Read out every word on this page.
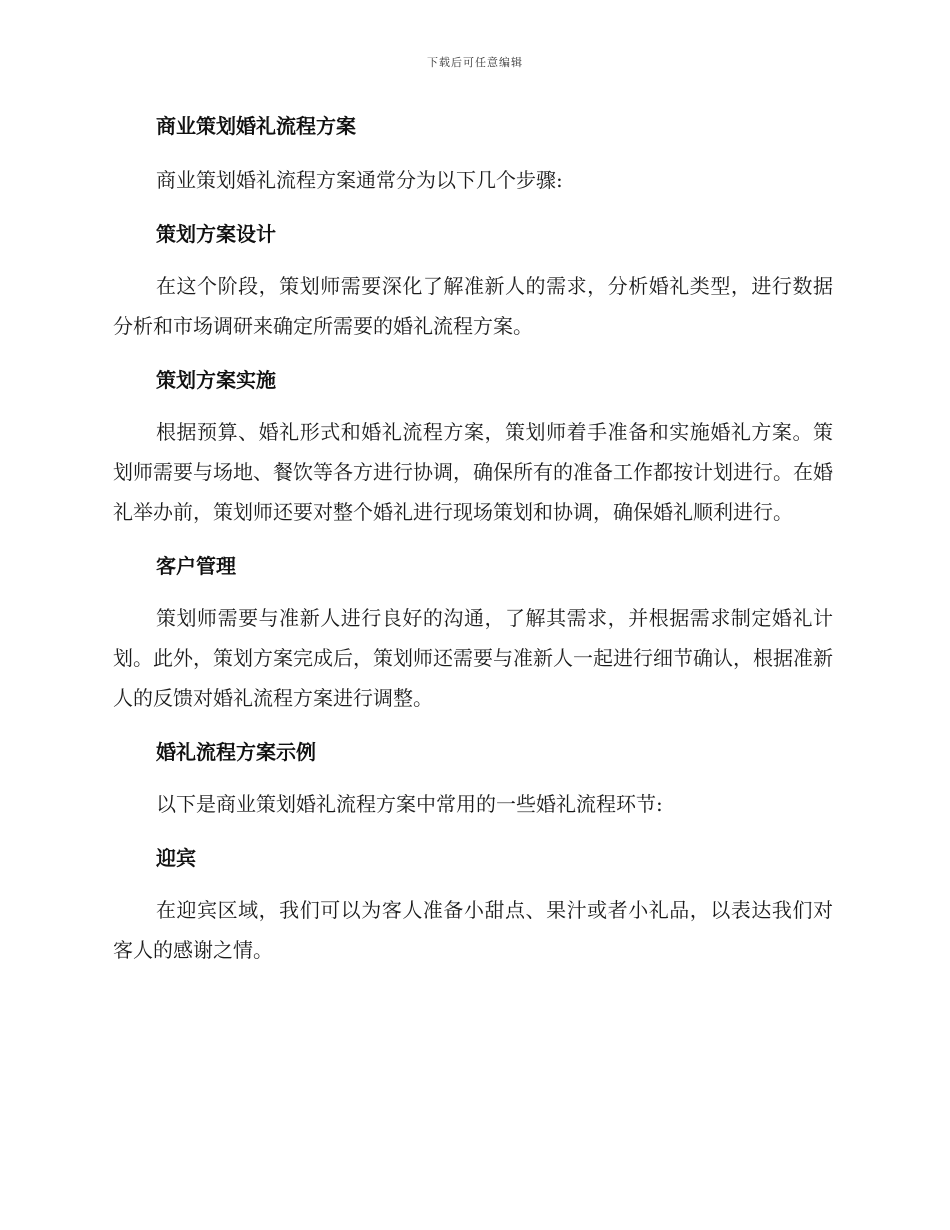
下载后可任意编辑
商业策划婚礼流程方案

商业策划婚礼流程方案通常分为以下几个步骤:

策划方案设计

在这个阶段，策划师需要深化了解准新人的需求，分析婚礼类型，进行数据分析和市场调研来确定所需要的婚礼流程方案。

策划方案实施

根据预算、婚礼形式和婚礼流程方案，策划师着手准备和实施婚礼方案。策划师需要与场地、餐饮等各方进行协调，确保所有的准备工作都按计划进行。在婚礼举办前，策划师还要对整个婚礼进行现场策划和协调，确保婚礼顺利进行。

客户管理

策划师需要与准新人进行良好的沟通，了解其需求，并根据需求制定婚礼计划。此外，策划方案完成后，策划师还需要与准新人一起进行细节确认，根据准新人的反馈对婚礼流程方案进行调整。

婚礼流程方案示例

以下是商业策划婚礼流程方案中常用的一些婚礼流程环节:

迎宾

在迎宾区域，我们可以为客人准备小甜点、果汁或者小礼品，以表达我们对客人的感谢之情。
